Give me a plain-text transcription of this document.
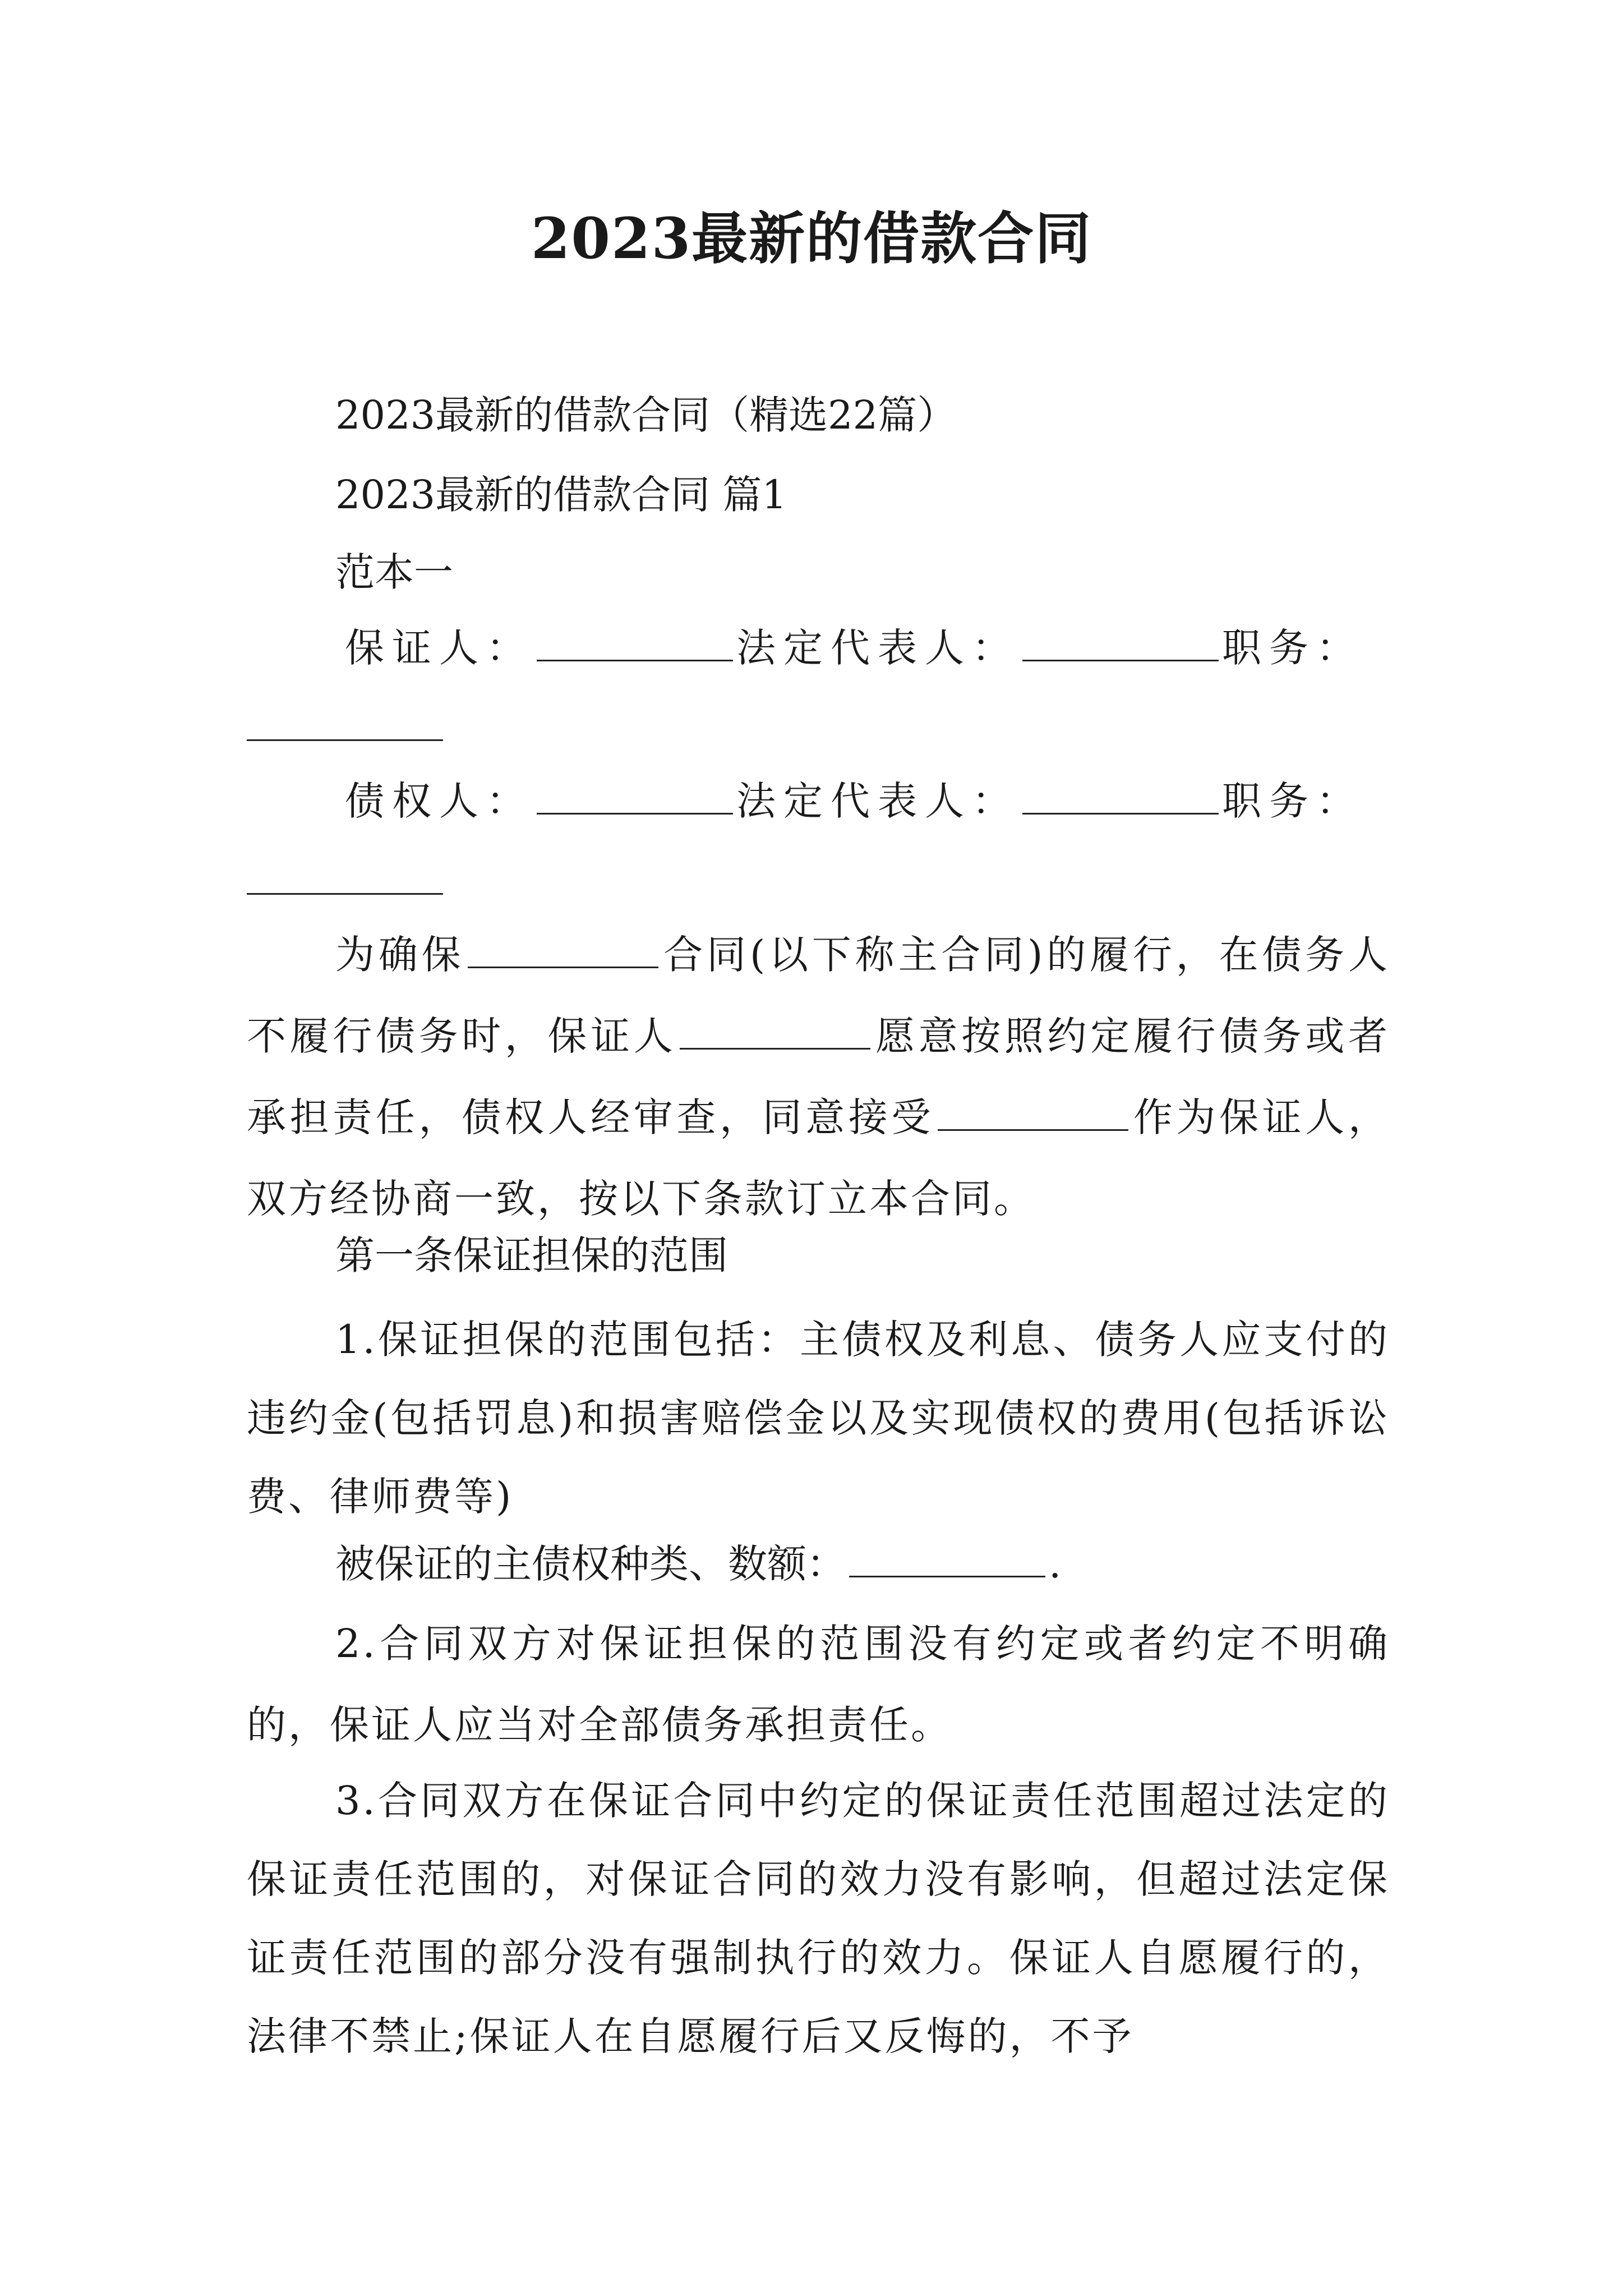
2023最新的借款合同
2023最新的借款合同（精选22篇）
2023最新的借款合同 篇1
范本一
保证人：	法定代表人：	职务：
债权人：	法定代表人：	职务：
为确保	合同(以下称主合同)的履行，在债务人不履行债务时，保证人	愿意按照约定履行债务或者承担责任，债权人经审查，同意接受	作为保证人，双方经协商一致，按以下条款订立本合同。
第一条保证担保的范围
1.保证担保的范围包括：主债权及利息、债务人应支付的违约金(包括罚息)和损害赔偿金以及实现债权的费用(包括诉讼费、律师费等)
被保证的主债权种类、数额：	.
2.合同双方对保证担保的范围没有约定或者约定不明确的，保证人应当对全部债务承担责任。
3.合同双方在保证合同中约定的保证责任范围超过法定的保证责任范围的，对保证合同的效力没有影响，但超过法定保证责任范围的部分没有强制执行的效力。保证人自愿履行的，法律不禁止;保证人在自愿履行后又反悔的，不予
